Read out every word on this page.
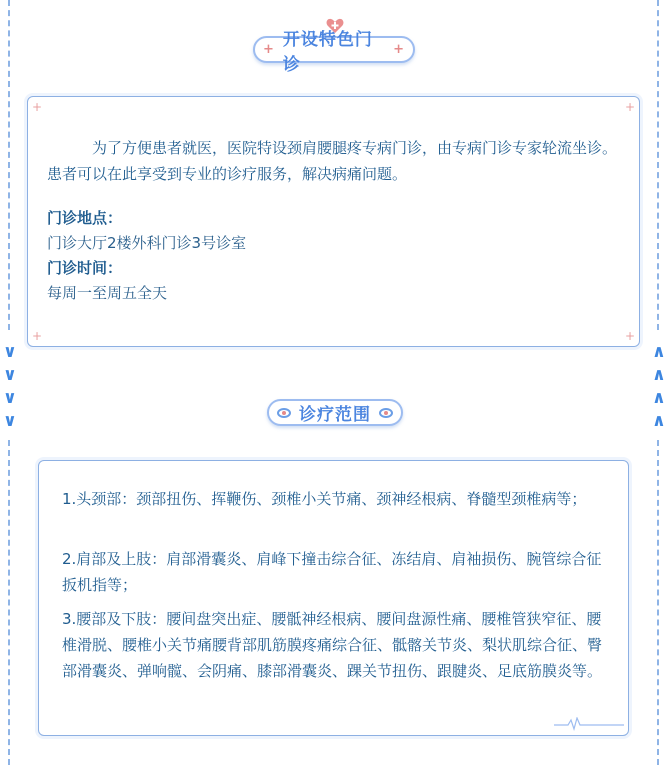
∨
∨
∨
∨
∧
∧
∧
∧
+ 开设特色门诊
+
+	+
+	+

为了方便患者就医，医院特设颈肩腰腿疼专病门诊，由专病门诊专家轮流坐诊。患者可以在此享受到专业的诊疗服务，解决病痛问题。

门诊地点：
门诊大厅2楼外科门诊3号诊室
门诊时间：
每周一至周五全天
诊疗范围

1.头颈部：颈部扭伤、挥鞭伤、颈椎小关节痛、颈神经根病、脊髓型颈椎病等；

2.肩部及上肢：肩部滑囊炎、肩峰下撞击综合征、冻结肩、肩袖损伤、腕管综合征扳机指等；

3.腰部及下肢：腰间盘突出症、腰骶神经根病、腰间盘源性痛、腰椎管狭窄征、腰椎滑脱、腰椎小关节痛腰背部肌筋膜疼痛综合征、骶髂关节炎、梨状肌综合征、臀部滑囊炎、弹响髋、会阴痛、膝部滑囊炎、踝关节扭伤、跟腱炎、足底筋膜炎等。
